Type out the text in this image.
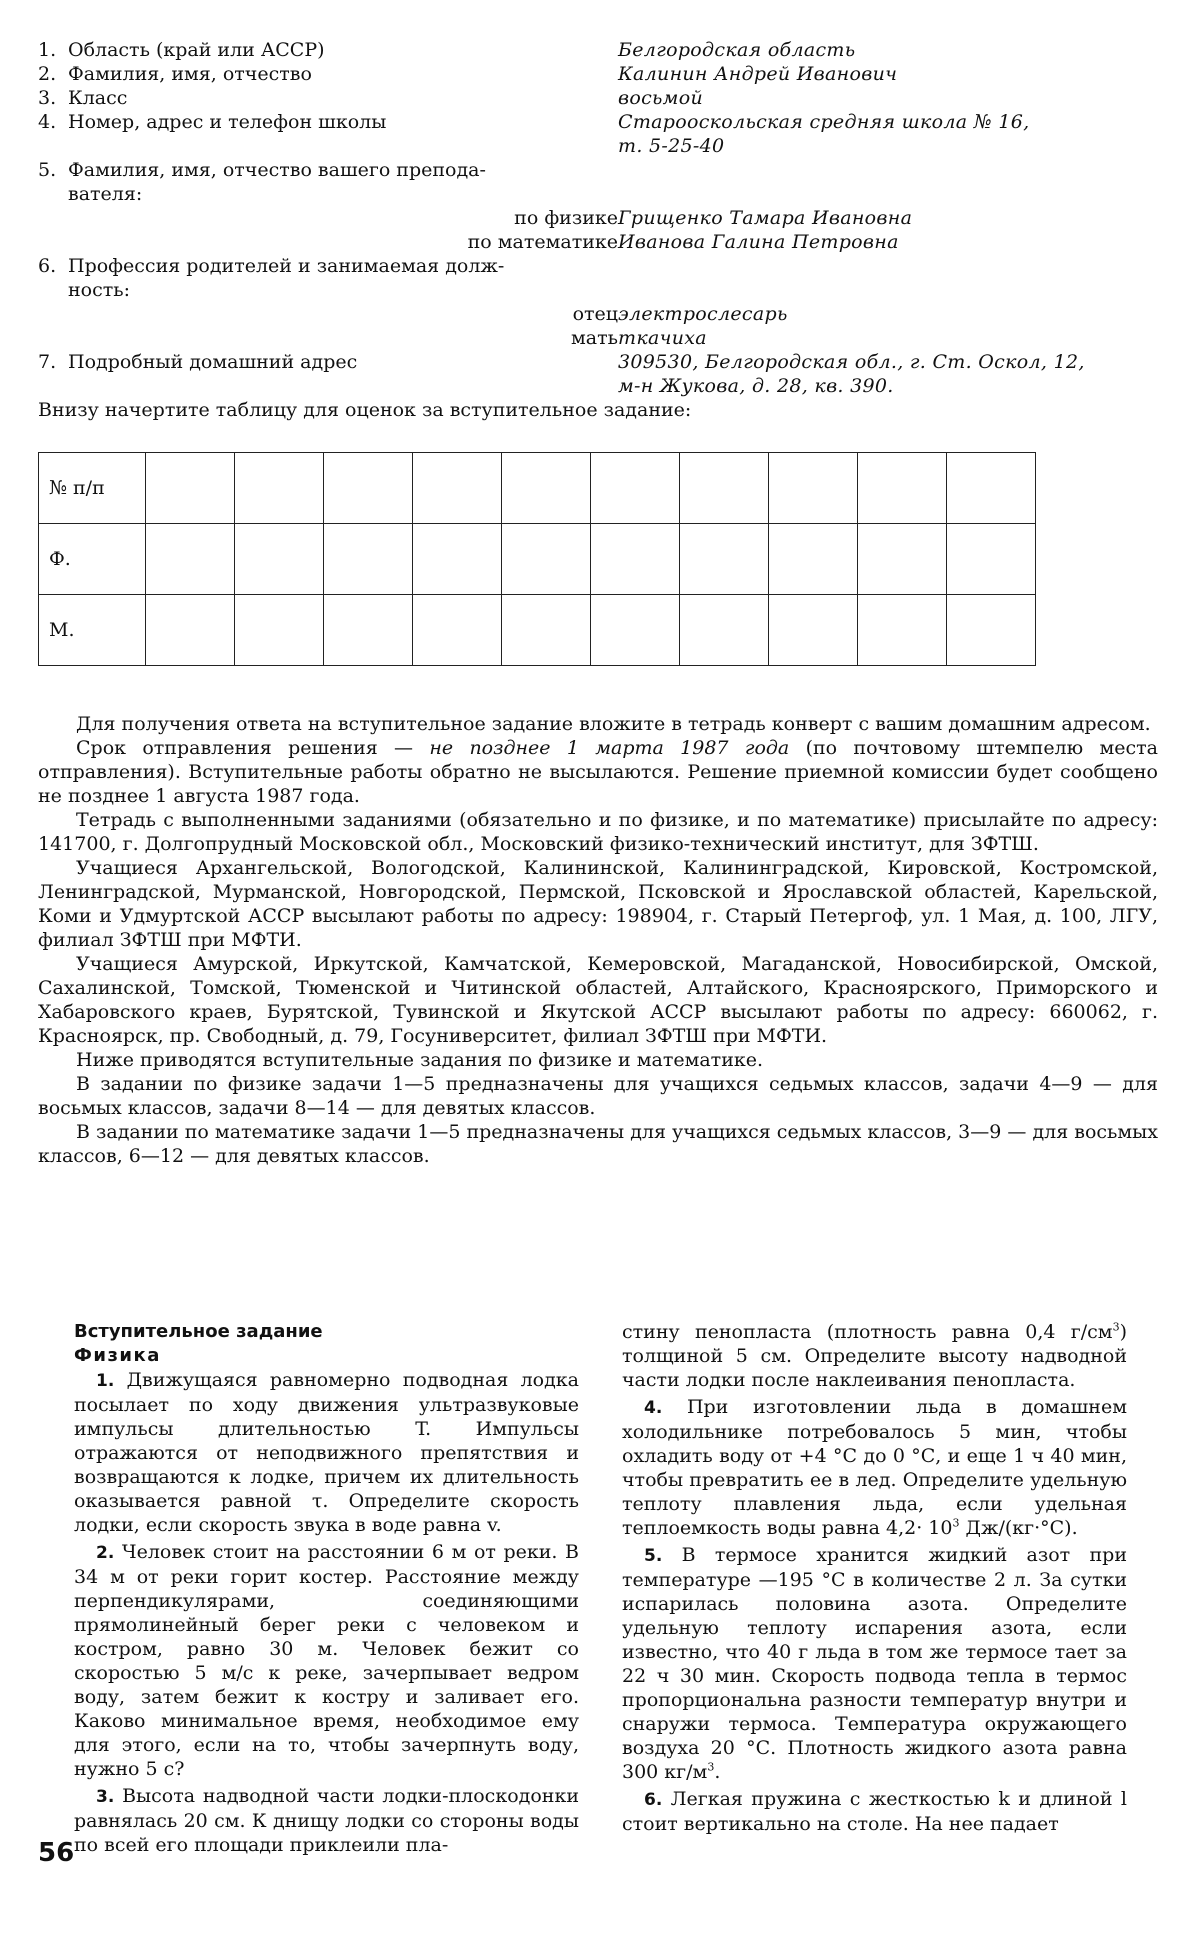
1. Область (край или АССР)	Белгородская область
2. Фамилия, имя, отчество	Калинин Андрей Иванович
3. Класс	восьмой
4. Номер, адрес и телефон школы	Старооскольская средняя школа № 16,
т. 5-25-40
5. Фамилия, имя, отчество вашего препода-
вателя:
по физике Грищенко Тамара Ивановна
по математике Иванова Галина Петровна
6. Профессия родителей и занимаемая долж-
ность:
отец электрослесарь
мать ткачиха
7. Подробный домашний адрес	309530, Белгородская обл., г. Ст. Оскол, 12,
м-н Жукова, д. 28, кв. 390.
Внизу начертите таблицу для оценок за вступительное задание:
№ п/п										
Ф.										
М.										

Для получения ответа на вступительное задание вложите в тетрадь конверт с вашим домашним адресом.

Срок отправления решения — не позднее 1 марта 1987 года (по почтовому штемпелю места отправления). Вступительные работы обратно не высылаются. Решение приемной комиссии будет сообщено не позднее 1 августа 1987 года.

Тетрадь с выполненными заданиями (обязательно и по физике, и по математике) присылайте по адресу: 141700, г. Долгопрудный Московской обл., Московский физико-технический институт, для ЗФТШ.

Учащиеся Архангельской, Вологодской, Калининской, Калининградской, Кировской, Костромской, Ленинградской, Мурманской, Новгородской, Пермской, Псковской и Ярославской областей, Карельской, Коми и Удмуртской АССР высылают работы по адресу: 198904, г. Старый Петергоф, ул. 1 Мая, д. 100, ЛГУ, филиал ЗФТШ при МФТИ.

Учащиеся Амурской, Иркутской, Камчатской, Кемеровской, Магаданской, Новосибирской, Омской, Сахалинской, Томской, Тюменской и Читинской областей, Алтайского, Красноярского, Приморского и Хабаровского краев, Бурятской, Тувинской и Якутской АССР высылают работы по адресу: 660062, г. Красноярск, пр. Свободный, д. 79, Госуниверситет, филиал ЗФТШ при МФТИ.

Ниже приводятся вступительные задания по физике и математике.

В задании по физике задачи 1—5 предназначены для учащихся седьмых классов, задачи 4—9 — для восьмых классов, задачи 8—14 — для девятых классов.

В задании по математике задачи 1—5 предназначены для учащихся седьмых классов, 3—9 — для восьмых классов, 6—12 — для девятых классов.

Вступительное задание
Физика

1. Движущаяся равномерно подводная лодка посылает по ходу движения ультразвуковые импульсы длительностью T. Импульсы отражаются от неподвижного препятствия и возвращаются к лодке, причем их длительность оказывается равной τ. Определите скорость лодки, если скорость звука в воде равна v.

2. Человек стоит на расстоянии 6 м от реки. В 34 м от реки горит костер. Расстояние между перпендикулярами, соединяющими прямолинейный берег реки с человеком и костром, равно 30 м. Человек бежит со скоростью 5 м/с к реке, зачерпывает ведром воду, затем бежит к костру и заливает его. Каково минимальное время, необходимое ему для этого, если на то, чтобы зачерпнуть воду, нужно 5 с?

3. Высота надводной части лодки-плоскодонки равнялась 20 см. К днищу лодки со стороны воды по всей его площади приклеили пла-

стину пенопласта (плотность равна 0,4 $г/см^3$) толщиной 5 см. Определите высоту надводной части лодки после наклеивания пенопласта.

4. При изготовлении льда в домашнем холодильнике потребовалось 5 мин, чтобы охладить воду от +4 °С до 0 °С, и еще 1 ч 40 мин, чтобы превратить ее в лед. Определите удельную теплоту плавления льда, если удельная теплоемкость воды равна $4,2\cdot 10^3$ Дж/(кг·°С).

5. В термосе хранится жидкий азот при температуре —195 °С в количестве 2 л. За сутки испарилась половина азота. Определите удельную теплоту испарения азота, если известно, что 40 г льда в том же термосе тает за 22 ч 30 мин. Скорость подвода тепла в термос пропорциональна разности температур внутри и снаружи термоса. Температура окружающего воздуха 20 °С. Плотность жидкого азота равна 300 $кг/м^3$.

6. Легкая пружина с жесткостью k и длиной l стоит вертикально на столе. На нее падает

56
